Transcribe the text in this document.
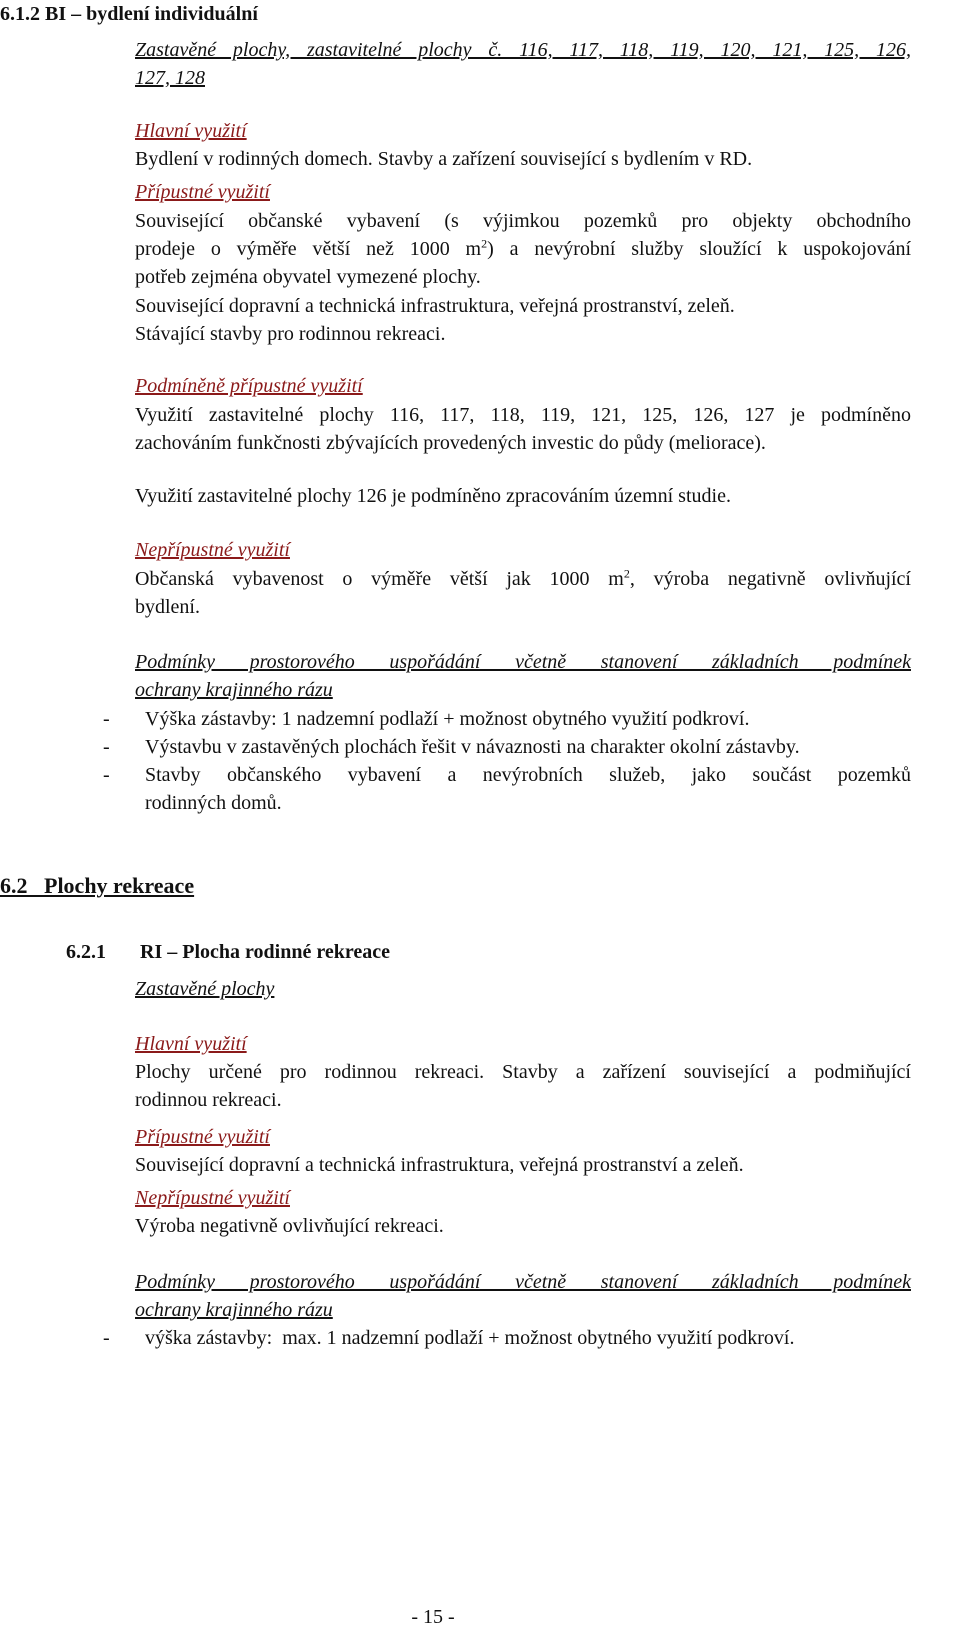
6.1.2 BI – bydlení individuální
Zastavěné plochy, zastavitelné plochy č. 116, 117, 118, 119, 120, 121, 125, 126,
127, 128
Hlavní využití
Bydlení v rodinných domech. Stavby a zařízení související s bydlením v RD.
Přípustné využití
Související občanské vybavení (s výjimkou pozemků pro objekty obchodního
prodeje o výměře větší než 1000 $m^2$) a nevýrobní služby sloužící k uspokojování
potřeb zejména obyvatel vymezené plochy.
Související dopravní a technická infrastruktura, veřejná prostranství, zeleň.
Stávající stavby pro rodinnou rekreaci.
Podmíněně přípustné využití
Využití zastavitelné plochy 116, 117, 118, 119, 121, 125, 126, 127 je podmíněno
zachováním funkčnosti zbývajících provedených investic do půdy (meliorace).
Využití zastavitelné plochy 126 je podmíněno zpracováním územní studie.
Nepřípustné využití
Občanská vybavenost o výměře větší jak 1000 $m^2$, výroba negativně ovlivňující
bydlení.
Podmínky prostorového uspořádání včetně stanovení základních podmínek
ochrany krajinného rázu
- Výška zástavby: 1 nadzemní podlaží + možnost obytného využití podkroví.
- Výstavbu v zastavěných plochách řešit v návaznosti na charakter okolní zástavby.
- Stavby občanského vybavení a nevýrobních služeb, jako součást pozemků
rodinných domů.
6.2   Plochy rekreace
6.2.1 RI – Plocha rodinné rekreace
Zastavěné plochy
Hlavní využití
Plochy určené pro rodinnou rekreaci. Stavby a zařízení související a podmiňující
rodinnou rekreaci.
Přípustné využití
Související dopravní a technická infrastruktura, veřejná prostranství a zeleň.
Nepřípustné využití
Výroba negativně ovlivňující rekreaci.
Podmínky prostorového uspořádání včetně stanovení základních podmínek
ochrany krajinného rázu
- výška zástavby:  max. 1 nadzemní podlaží + možnost obytného využití podkroví.
- 15 -
